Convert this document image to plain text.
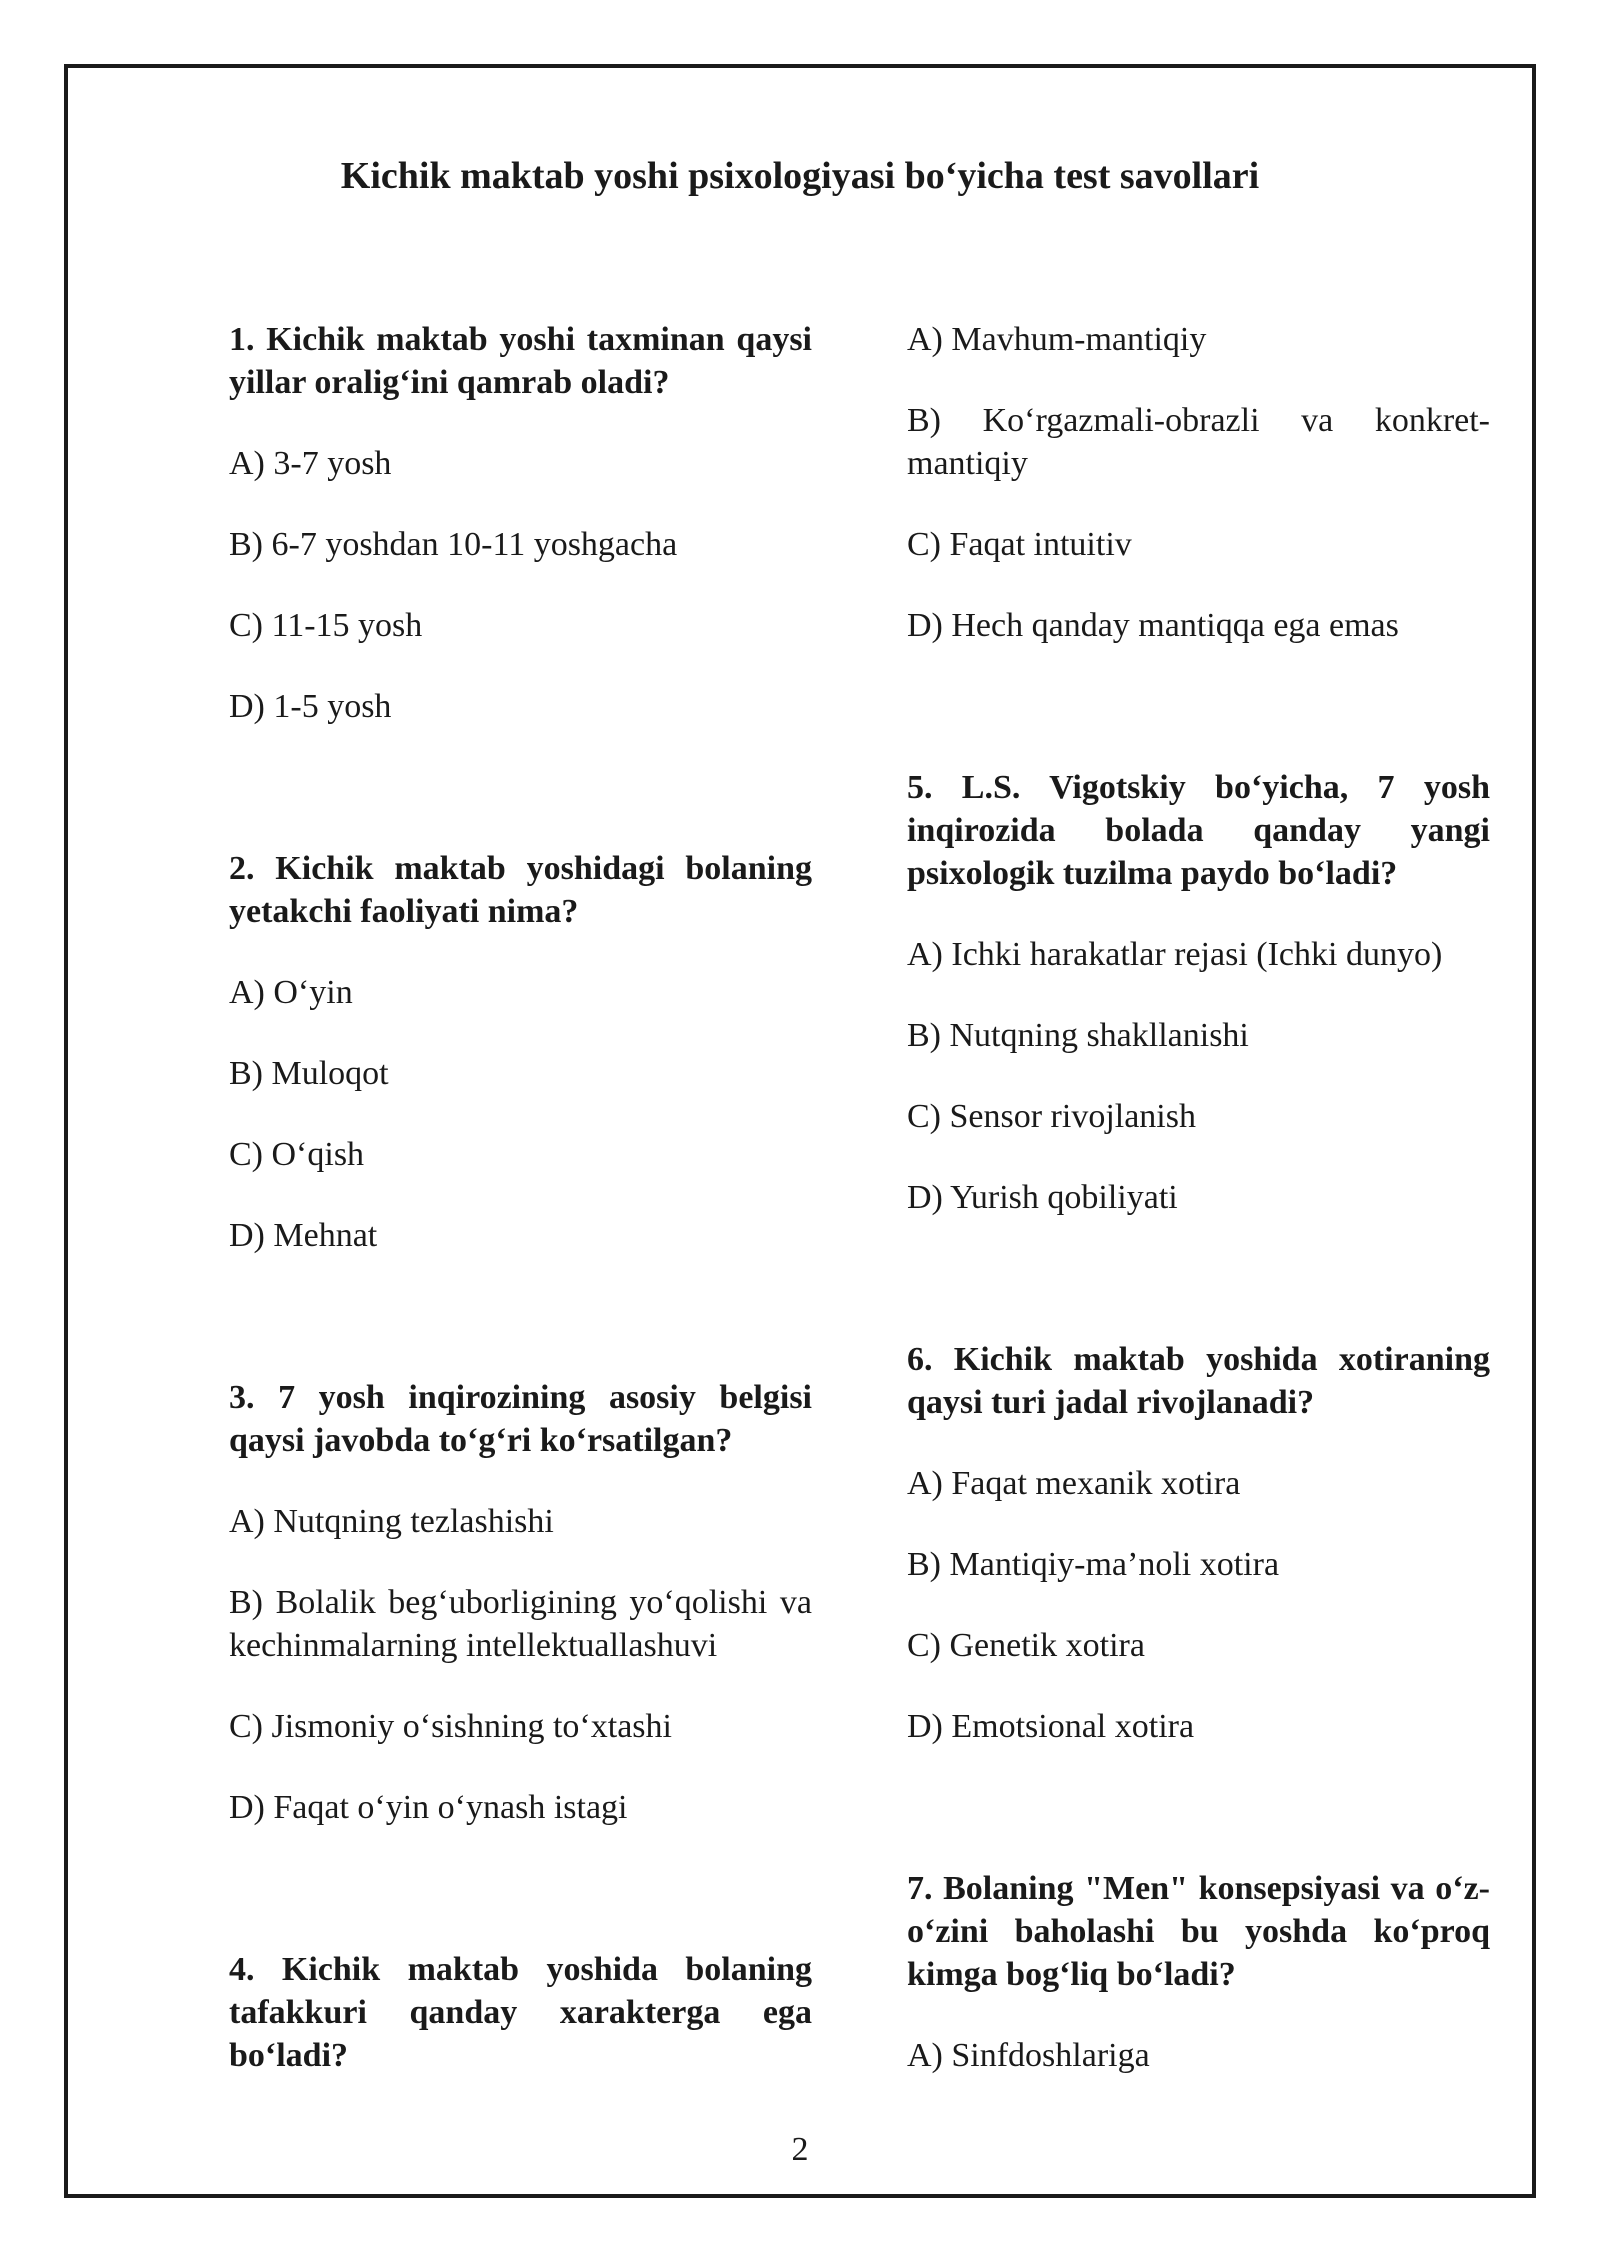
Kichik maktab yoshi psixologiyasi bo‘yicha test savollari
1. Kichik maktab yoshi taxminan qaysi yillar oralig‘ini qamrab oladi?
A) 3-7 yosh
B) 6-7 yoshdan 10-11 yoshgacha
C) 11-15 yosh
D) 1-5 yosh
2. Kichik maktab yoshidagi bolaning yetakchi faoliyati nima?
A) O‘yin
B) Muloqot
C) O‘qish
D) Mehnat
3. 7 yosh inqirozining asosiy belgisi qaysi javobda to‘g‘ri ko‘rsatilgan?
A) Nutqning tezlashishi
B) Bolalik beg‘uborligining yo‘qolishi va kechinmalarning intellektuallashuvi
C) Jismoniy o‘sishning to‘xtashi
D) Faqat o‘yin o‘ynash istagi
4. Kichik maktab yoshida bolaning tafakkuri qanday xarakterga ega bo‘ladi?
A) Mavhum-mantiqiy
B) Ko‘rgazmali-obrazli va konkret-mantiqiy
C) Faqat intuitiv
D) Hech qanday mantiqqa ega emas
5. L.S. Vigotskiy bo‘yicha, 7 yosh inqirozida bolada qanday yangi psixologik tuzilma paydo bo‘ladi?
A) Ichki harakatlar rejasi (Ichki dunyo)
B) Nutqning shakllanishi
C) Sensor rivojlanish
D) Yurish qobiliyati
6. Kichik maktab yoshida xotiraning qaysi turi jadal rivojlanadi?
A) Faqat mexanik xotira
B) Mantiqiy-ma’noli xotira
C) Genetik xotira
D) Emotsional xotira
7. Bolaning "Men" konsepsiyasi va o‘z-o‘zini baholashi bu yoshda ko‘proq kimga bog‘liq bo‘ladi?
A) Sinfdoshlariga
2
